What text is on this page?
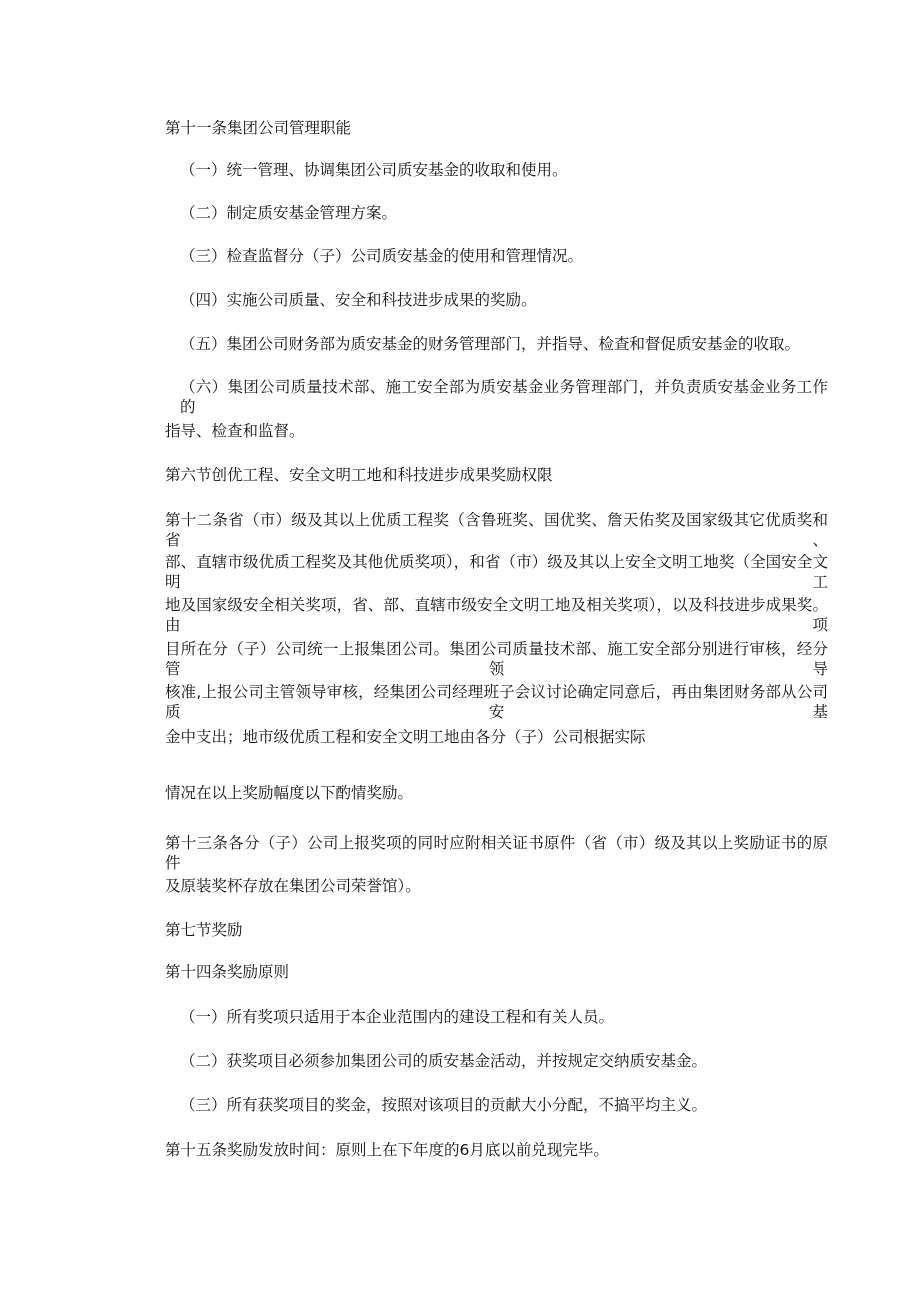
第十一条集团公司管理职能
（一）统一管理、协调集团公司质安基金的收取和使用。
（二）制定质安基金管理方案。
（三）检查监督分（子）公司质安基金的使用和管理情况。
（四）实施公司质量、安全和科技进步成果的奖励。
（五）集团公司财务部为质安基金的财务管理部门，并指导、检查和督促质安基金的收取。
（六）集团公司质量技术部、施工安全部为质安基金业务管理部门，并负责质安基金业务工作的
指导、检查和监督。
第六节创优工程、安全文明工地和科技进步成果奖励权限
第十二条省（市）级及其以上优质工程奖（含鲁班奖、国优奖、詹天佑奖及国家级其它优质奖和省、
部、直辖市级优质工程奖及其他优质奖项），和省（市）级及其以上安全文明工地奖（全国安全文明工
地及国家级安全相关奖项，省、部、直辖市级安全文明工地及相关奖项），以及科技进步成果奖。由项
目所在分（子）公司统一上报集团公司。集团公司质量技术部、施工安全部分别进行审核，经分管领导
核准,上报公司主管领导审核，经集团公司经理班子会议讨论确定同意后，再由集团财务部从公司质安基
金中支出；地市级优质工程和安全文明工地由各分（子）公司根据实际
情况在以上奖励幅度以下酌情奖励。
第十三条各分（子）公司上报奖项的同时应附相关证书原件（省（市）级及其以上奖励证书的原件
及原装奖杯存放在集团公司荣誉馆）。
第七节奖励
第十四条奖励原则
（一）所有奖项只适用于本企业范围内的建设工程和有关人员。
（二）获奖项目必须参加集团公司的质安基金活动，并按规定交纳质安基金。
（三）所有获奖项目的奖金，按照对该项目的贡献大小分配，不搞平均主义。
第十五条奖励发放时间：原则上在下年度的6月底以前兑现完毕。
